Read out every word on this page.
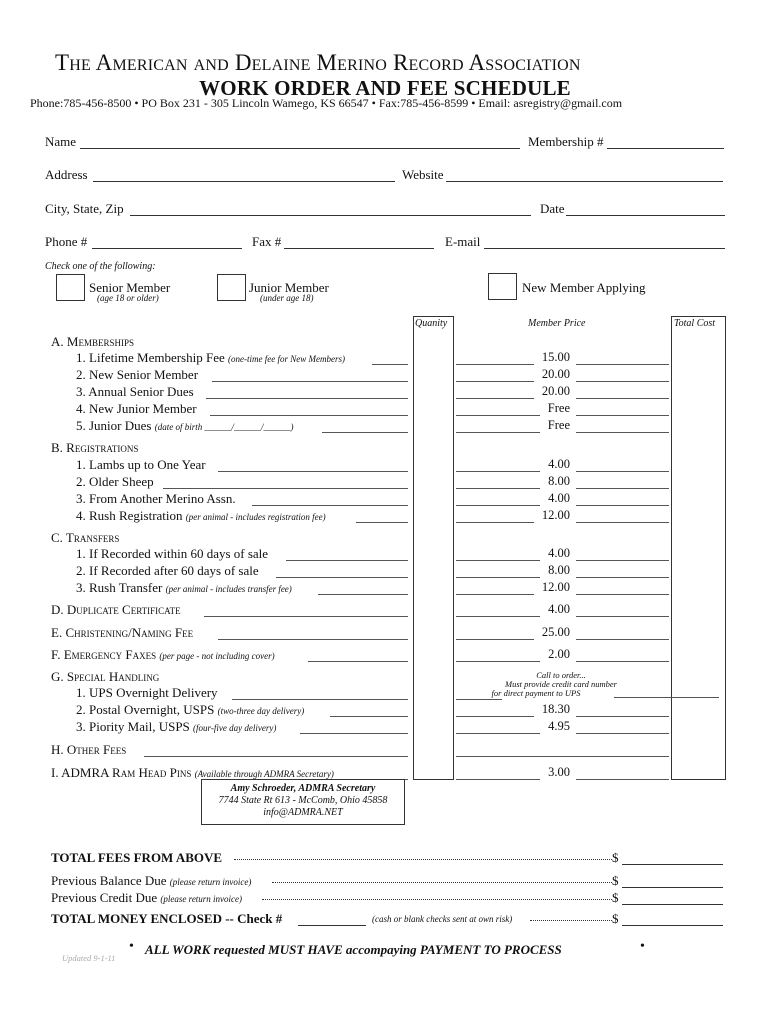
The American and Delaine Merino Record Association
WORK ORDER AND FEE SCHEDULE
Phone:785-456-8500 • PO Box 231 - 305 Lincoln Wamego, KS 66547 • Fax:785-456-8599 • Email: asregistry@gmail.com
Name	Membership #
Address	Website
City, State, Zip	Date
Phone #	Fax #	E-mail
Check one of the following:
Senior Member
(age 18 or older)
Junior Member
(under age 18)
New Member Applying
Quanity	Member Price	Total Cost
A. Memberships
1. Lifetime Membership Fee (one-time fee for New Members)	15.00
2. New Senior Member	20.00
3. Annual Senior Dues	20.00
4. New Junior Member	Free
5. Junior Dues (date of birth ______/______/______)	Free
B. Registrations
1. Lambs up to One Year	4.00
2. Older Sheep	8.00
3. From Another Merino Assn.	4.00
4. Rush Registration (per animal - includes registration fee)	12.00
C. Transfers
1. If Recorded within 60 days of sale	4.00
2. If Recorded after 60 days of sale	8.00
3. Rush Transfer (per animal - includes transfer fee)	12.00
D. Duplicate Certificate	4.00
E. Christening/Naming Fee	25.00
F. Emergency Faxes (per page - not including cover)	2.00
G. Special Handling	Call to order...
Must provide credit card number
for direct payment to UPS
1. UPS Overnight Delivery
2. Postal Overnight, USPS (two-three day delivery)	18.30
3. Piority Mail, USPS (four-five day delivery)	4.95
H. Other Fees
I. ADMRA Ram Head Pins (Available through ADMRA Secretary)	3.00
Amy Schroeder, ADMRA Secretary
7744 State Rt 613 - McComb, Ohio 45858
info@ADMRA.NET
TOTAL FEES FROM ABOVE	$
Previous Balance Due (please return invoice)	$
Previous Credit Due (please return invoice)	$
TOTAL MONEY ENCLOSED -- Check #	(cash or blank checks sent at own risk)	$
Updated 9-1-11
• ALL WORK requested MUST HAVE accompaying PAYMENT TO PROCESS	•
